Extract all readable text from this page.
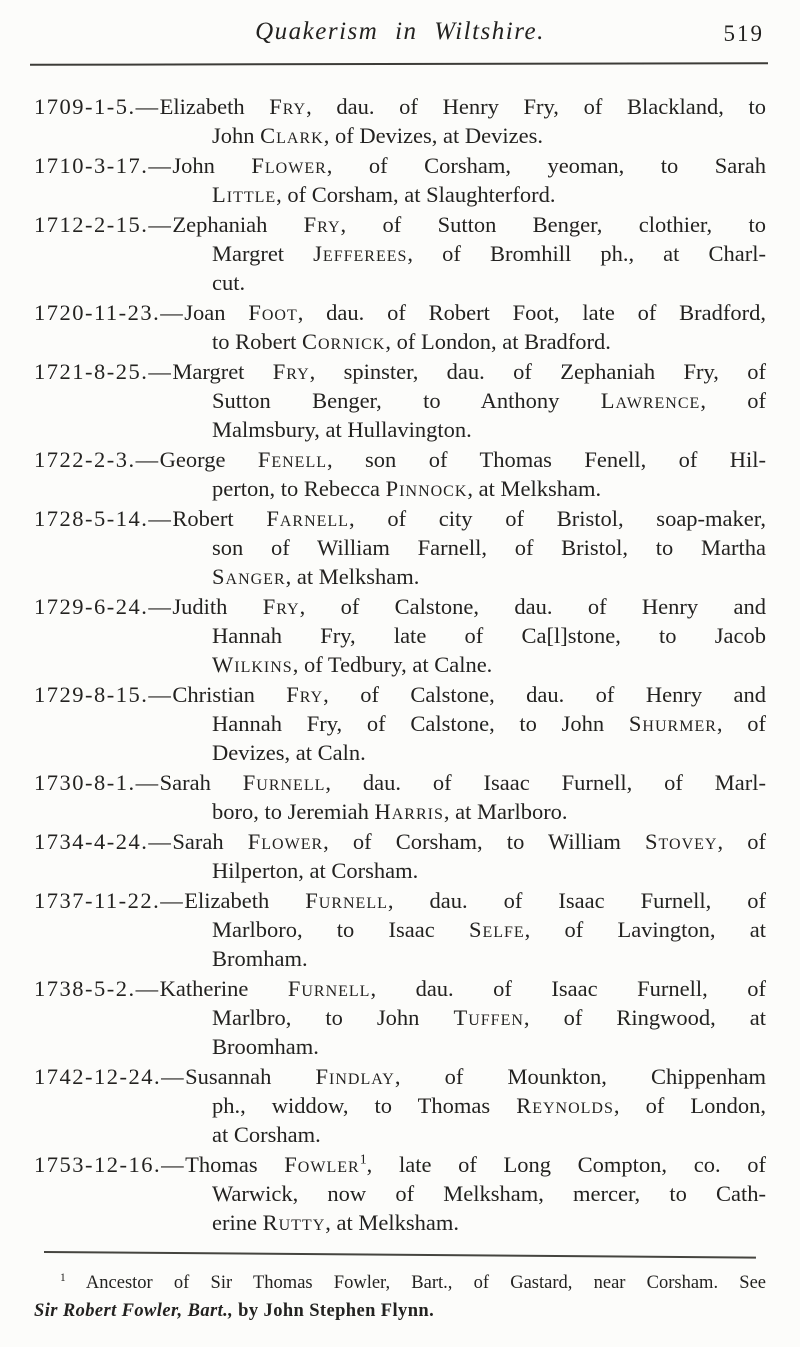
Quakerism in Wiltshire.	519
1709-1-5.—Elizabeth Fry, dau. of Henry Fry, of Blackland, to
John Clark, of Devizes, at Devizes.
1710-3-17.—John Flower, of Corsham, yeoman, to Sarah
Little, of Corsham, at Slaughterford.
1712-2-15.—Zephaniah Fry, of Sutton Benger, clothier, to
Margret Jefferees, of Bromhill ph., at Charl-
cut.
1720-11-23.—Joan Foot, dau. of Robert Foot, late of Bradford,
to Robert Cornick, of London, at Bradford.
1721-8-25.—Margret Fry, spinster, dau. of Zephaniah Fry, of
Sutton Benger, to Anthony Lawrence, of
Malmsbury, at Hullavington.
1722-2-3.—George Fenell, son of Thomas Fenell, of Hil-
perton, to Rebecca Pinnock, at Melksham.
1728-5-14.—Robert Farnell, of city of Bristol, soap-maker,
son of William Farnell, of Bristol, to Martha
Sanger, at Melksham.
1729-6-24.—Judith Fry, of Calstone, dau. of Henry and
Hannah Fry, late of Ca[l]stone, to Jacob
Wilkins, of Tedbury, at Calne.
1729-8-15.—Christian Fry, of Calstone, dau. of Henry and
Hannah Fry, of Calstone, to John Shurmer, of
Devizes, at Caln.
1730-8-1.—Sarah Furnell, dau. of Isaac Furnell, of Marl-
boro, to Jeremiah Harris, at Marlboro.
1734-4-24.—Sarah Flower, of Corsham, to William Stovey, of
Hilperton, at Corsham.
1737-11-22.—Elizabeth Furnell, dau. of Isaac Furnell, of
Marlboro, to Isaac Selfe, of Lavington, at
Bromham.
1738-5-2.—Katherine Furnell, dau. of Isaac Furnell, of
Marlbro, to John Tuffen, of Ringwood, at
Broomham.
1742-12-24.—Susannah Findlay, of Mounkton, Chippenham
ph., widdow, to Thomas Reynolds, of London,
at Corsham.
1753-12-16.—Thomas Fowler$^1$, late of Long Compton, co. of
Warwick, now of Melksham, mercer, to Cath-
erine Rutty, at Melksham.
$^1$ Ancestor of Sir Thomas Fowler, Bart., of Gastard, near Corsham. See
Sir Robert Fowler, Bart., by John Stephen Flynn.
